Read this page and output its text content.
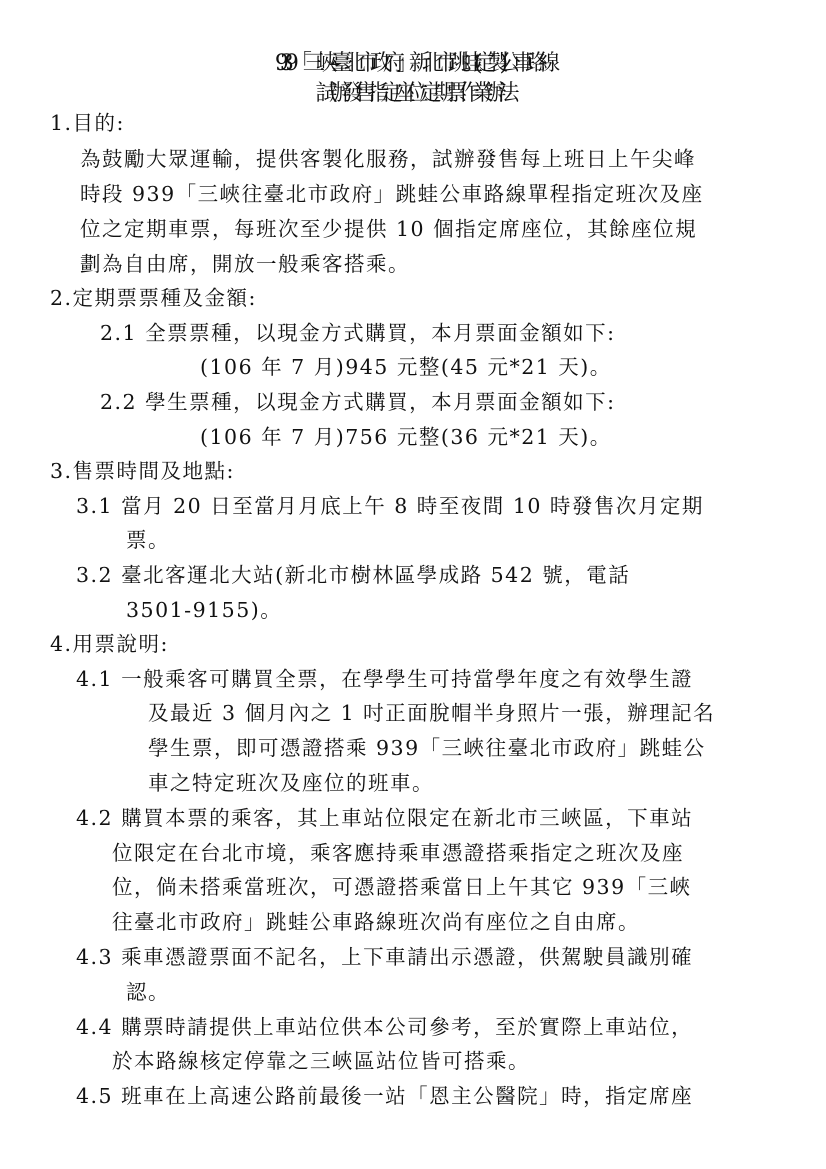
939「三峽–臺北市政府」新北市跳蛙(定製)公車路線
試辦發售指定座位定期票作業辦法
1.目的:
為鼓勵大眾運輸，提供客製化服務，試辦發售每上班日上午尖峰
時段 939「三峽往臺北市政府」跳蛙公車路線單程指定班次及座
位之定期車票，每班次至少提供 10 個指定席座位，其餘座位規
劃為自由席，開放一般乘客搭乘。
2.定期票票種及金額:
2.1 全票票種，以現金方式購買，本月票面金額如下:
(106 年 7 月)945 元整(45 元*21 天)。
2.2 學生票種，以現金方式購買，本月票面金額如下:
(106 年 7 月)756 元整(36 元*21 天)。
3.售票時間及地點:
3.1 當月 20 日至當月月底上午 8 時至夜間 10 時發售次月定期
票。
3.2 臺北客運北大站(新北市樹林區學成路 542 號，電話
3501-9155)。
4.用票說明:
4.1 一般乘客可購買全票，在學學生可持當學年度之有效學生證
及最近 3 個月內之 1 吋正面脫帽半身照片一張，辦理記名
學生票，即可憑證搭乘 939「三峽往臺北市政府」跳蛙公
車之特定班次及座位的班車。
4.2 購買本票的乘客，其上車站位限定在新北市三峽區，下車站
位限定在台北市境，乘客應持乘車憑證搭乘指定之班次及座
位，倘未搭乘當班次，可憑證搭乘當日上午其它 939「三峽
往臺北市政府」跳蛙公車路線班次尚有座位之自由席。
4.3 乘車憑證票面不記名，上下車請出示憑證，供駕駛員識別確
認。
4.4 購票時請提供上車站位供本公司參考，至於實際上車站位，
於本路線核定停靠之三峽區站位皆可搭乘。
4.5 班車在上高速公路前最後一站「恩主公醫院」時，指定席座
